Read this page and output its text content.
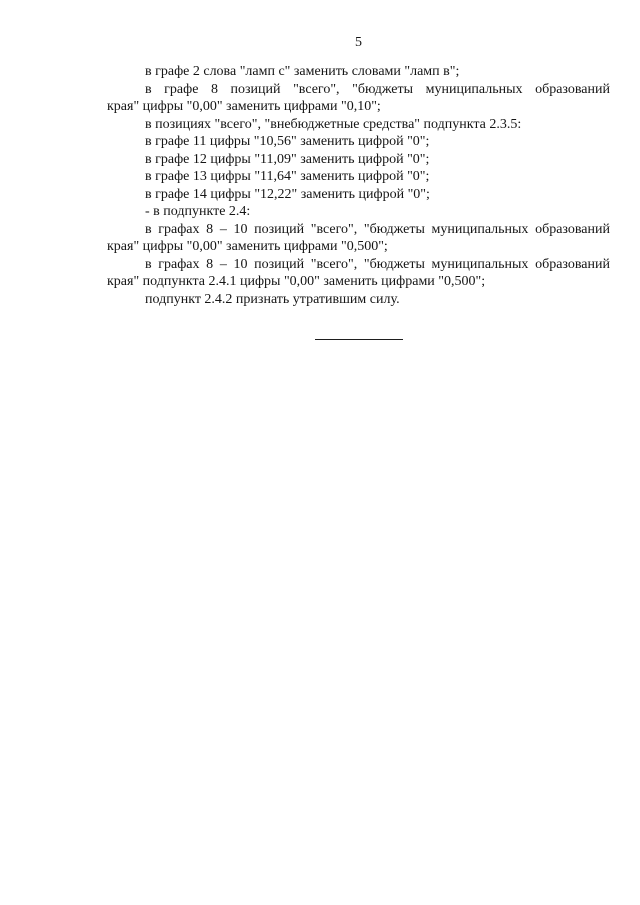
5
в графе 2 слова "ламп с" заменить словами "ламп в";
в графе 8 позиций "всего", "бюджеты муниципальных образований
края" цифры "0,00" заменить цифрами "0,10";
в позициях "всего", "внебюджетные средства" подпункта 2.3.5:
в графе 11 цифры "10,56" заменить цифрой "0";
в графе 12 цифры "11,09" заменить цифрой "0";
в графе 13 цифры "11,64" заменить цифрой "0";
в графе 14 цифры "12,22" заменить цифрой "0";
- в подпункте 2.4:
в графах 8 – 10 позиций "всего", "бюджеты муниципальных образований
края" цифры "0,00" заменить цифрами "0,500";
в графах 8 – 10 позиций "всего", "бюджеты муниципальных образований
края" подпункта 2.4.1 цифры "0,00" заменить цифрами "0,500";
подпункт 2.4.2 признать утратившим силу.
